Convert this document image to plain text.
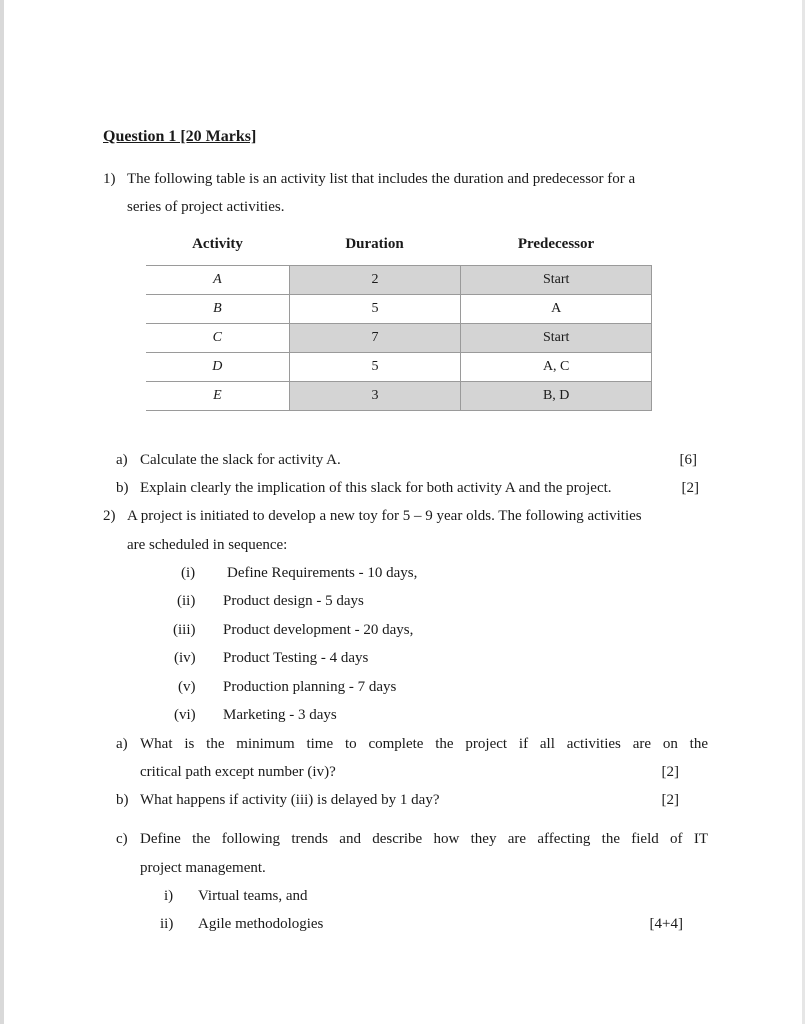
Question 1 [20 Marks]
1) The following table is an activity list that includes the duration and predecessor for a
series of project activities.
Activity	Duration	Predecessor
A	2	Start
B	5	A
C	7	Start
D	5	A, C
E	3	B, D
a) Calculate the slack for activity A.	[6]
b) Explain clearly the implication of this slack for both activity A and the project.	[2]
2) A project is initiated to develop a new toy for 5 – 9 year olds. The following activities
are scheduled in sequence:
(i) Define Requirements - 10 days,
(ii) Product design - 5 days
(iii) Product development - 20 days,
(iv) Product Testing - 4 days
(v) Production planning - 7 days
(vi) Marketing - 3 days
a) What is the minimum time to complete the project if all activities are on the
critical path except number (iv)?	[2]
b) What happens if activity (iii) is delayed by 1 day?	[2]
c) Define the following trends and describe how they are affecting the field of IT
project management.
i) Virtual teams, and
ii) Agile methodologies	[4+4]
